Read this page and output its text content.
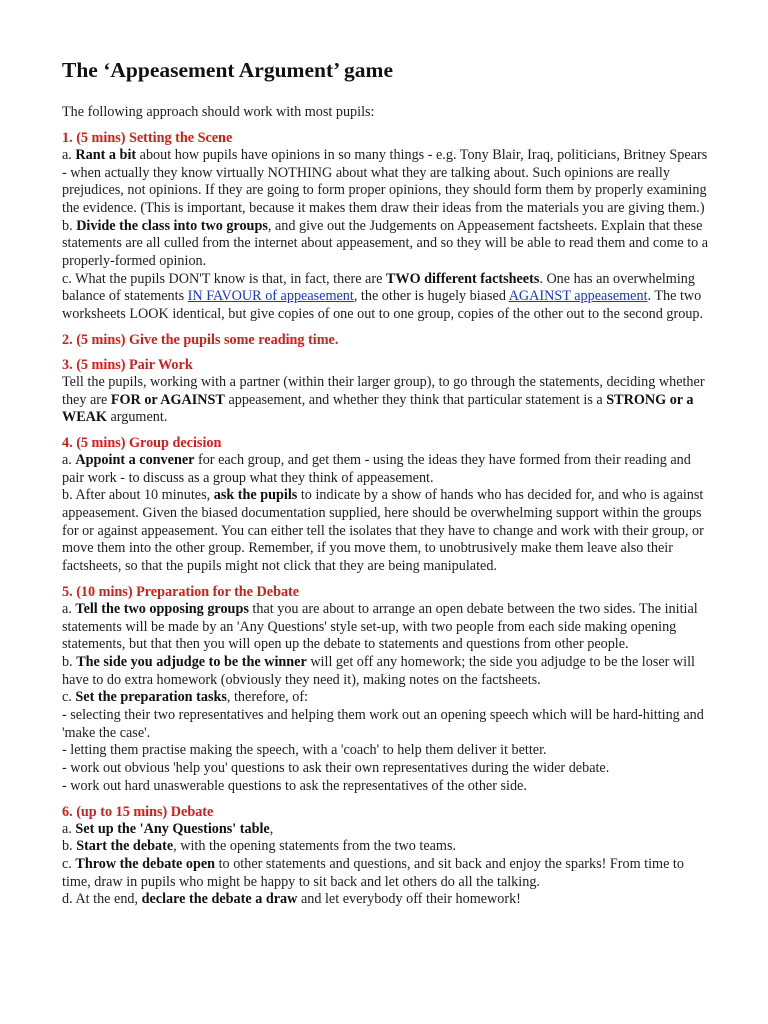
The ‘Appeasement Argument’ game

The following approach should work with most pupils:

1. (5 mins) Setting the Scene

a. Rant a bit about how pupils have opinions in so many things - e.g. Tony Blair, Iraq, politicians, Britney Spears - when actually they know virtually NOTHING about what they are talking about. Such opinions are really prejudices, not opinions. If they are going to form proper opinions, they should form them by properly examining the evidence. (This is important, because it makes them draw their ideas from the materials you are giving them.)

b. Divide the class into two groups, and give out the Judgements on Appeasement factsheets. Explain that these statements are all culled from the internet about appeasement, and so they will be able to read them and come to a properly-formed opinion.

c. What the pupils DON'T know is that, in fact, there are TWO different factsheets. One has an overwhelming balance of statements IN FAVOUR of appeasement, the other is hugely biased AGAINST appeasement. The two worksheets LOOK identical, but give copies of one out to one group, copies of the other out to the second group.

2. (5 mins) Give the pupils some reading time.
3. (5 mins) Pair Work

Tell the pupils, working with a partner (within their larger group), to go through the statements, deciding whether they are FOR or AGAINST appeasement, and whether they think that particular statement is a STRONG or a WEAK argument.

4. (5 mins) Group decision

a. Appoint a convener for each group, and get them - using the ideas they have formed from their reading and pair work - to discuss as a group what they think of appeasement.

b. After about 10 minutes, ask the pupils to indicate by a show of hands who has decided for, and who is against appeasement. Given the biased documentation supplied, here should be overwhelming support within the groups for or against appeasement. You can either tell the isolates that they have to change and work with their group, or move them into the other group. Remember, if you move them, to unobtrusively make them leave also their factsheets, so that the pupils might not click that they are being manipulated.

5. (10 mins) Preparation for the Debate

a. Tell the two opposing groups that you are about to arrange an open debate between the two sides. The initial statements will be made by an 'Any Questions' style set-up, with two people from each side making opening statements, but that then you will open up the debate to statements and questions from other people.

b. The side you adjudge to be the winner will get off any homework; the side you adjudge to be the loser will have to do extra homework (obviously they need it), making notes on the factsheets.

c. Set the preparation tasks, therefore, of:

- selecting their two representatives and helping them work out an opening speech which will be hard-hitting and 'make the case'.

- letting them practise making the speech, with a 'coach' to help them deliver it better.

- work out obvious 'help you' questions to ask their own representatives during the wider debate.

- work out hard unaswerable questions to ask the representatives of the other side.

6. (up to 15 mins) Debate

a. Set up the 'Any Questions' table,

b. Start the debate, with the opening statements from the two teams.

c. Throw the debate open to other statements and questions, and sit back and enjoy the sparks! From time to time, draw in pupils who might be happy to sit back and let others do all the talking.

d. At the end, declare the debate a draw and let everybody off their homework!
